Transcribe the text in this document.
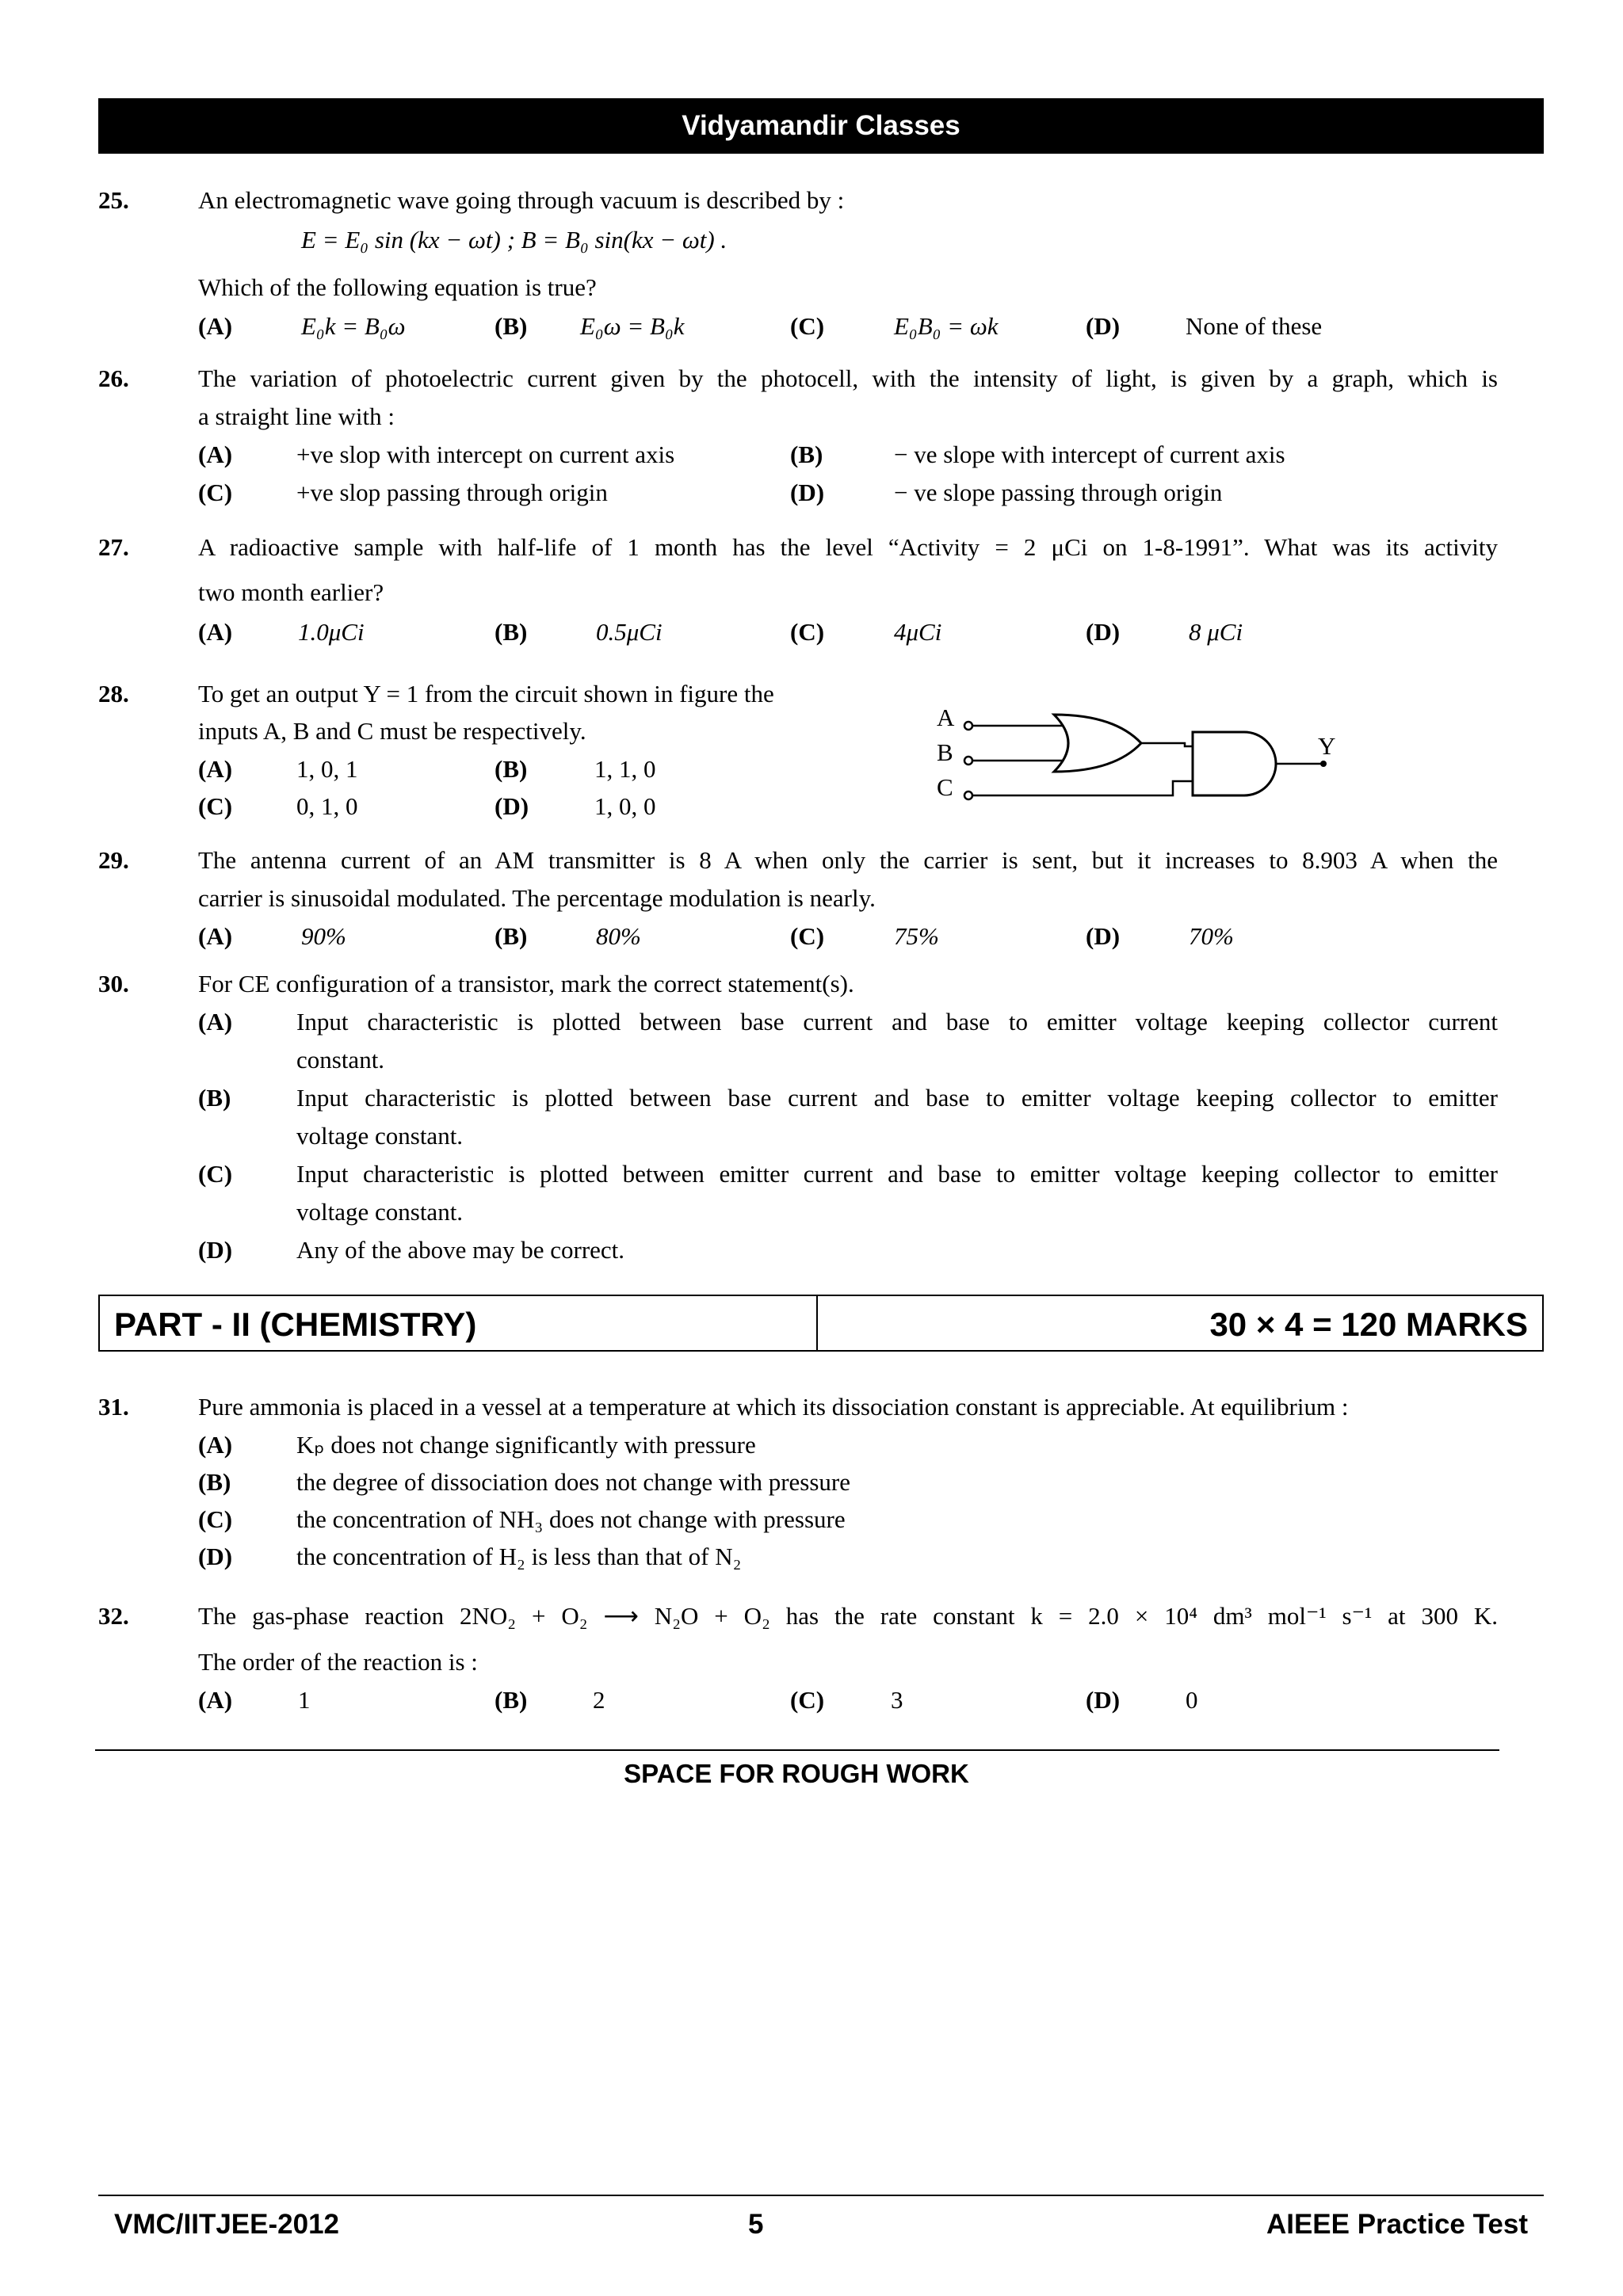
Vidyamandir Classes
25.	An electromagnetic wave going through vacuum is described by :
E = E₀ sin (kx − ωt) ; B = B₀ sin(kx − ωt) .
Which of the following equation is true?
(A)	E₀k = B₀ω	(B) E₀ω = B₀k	(C)	E₀B₀ = ωk	(D)	None of these
26.	The variation of photoelectric current given by the photocell, with the intensity of light, is given by a graph, which is
a straight line with :
(A)	+ve slop with intercept on current axis	(B)	− ve slope with intercept of current axis
(C)	+ve slop passing through origin	(D)	− ve slope passing through origin
27.	A radioactive sample with half-life of 1 month has the level “Activity = 2 μCi on 1-8-1991”. What was its activity
two month earlier?
(A)	1.0μCi	(B)	0.5μCi	(C)	4μCi	(D)	8 μCi
28.	To get an output Y = 1 from the circuit shown in figure the
inputs A, B and C must be respectively.
(A)	1, 0, 1	(B)	1, 1, 0
(C)	0, 1, 0	(D)	1, 0, 0
A
B
C
Y
29.	The antenna current of an AM transmitter is 8 A when only the carrier is sent, but it increases to 8.903 A when the
carrier is sinusoidal modulated. The percentage modulation is nearly.
(A)	90%	(B)	80%	(C)	75%	(D)	70%
30.	For CE configuration of a transistor, mark the correct statement(s).
(A)	Input characteristic is plotted between base current and base to emitter voltage keeping collector current
constant.
(B)	Input characteristic is plotted between base current and base to emitter voltage keeping collector to emitter
voltage constant.
(C)	Input characteristic is plotted between emitter current and base to emitter voltage keeping collector to emitter
voltage constant.
(D)	Any of the above may be correct.
PART - II (CHEMISTRY)	30 × 4 = 120 MARKS
31.	Pure ammonia is placed in a vessel at a temperature at which its dissociation constant is appreciable. At equilibrium :
(A)	Kₚ does not change significantly with pressure
(B)	the degree of dissociation does not change with pressure
(C)	the concentration of NH₃ does not change with pressure
(D)	the concentration of H₂ is less than that of N₂
32.	The gas-phase reaction 2NO₂ + O₂ ⟶ N₂O + O₂ has the rate constant k = 2.0 × 10⁴ dm³ mol⁻¹ s⁻¹ at 300 K.
The order of the reaction is :
(A)	1	(B)	2	(C)	3	(D)	0
SPACE FOR ROUGH WORK
VMC/IITJEE-2012	5	AIEEE Practice Test
